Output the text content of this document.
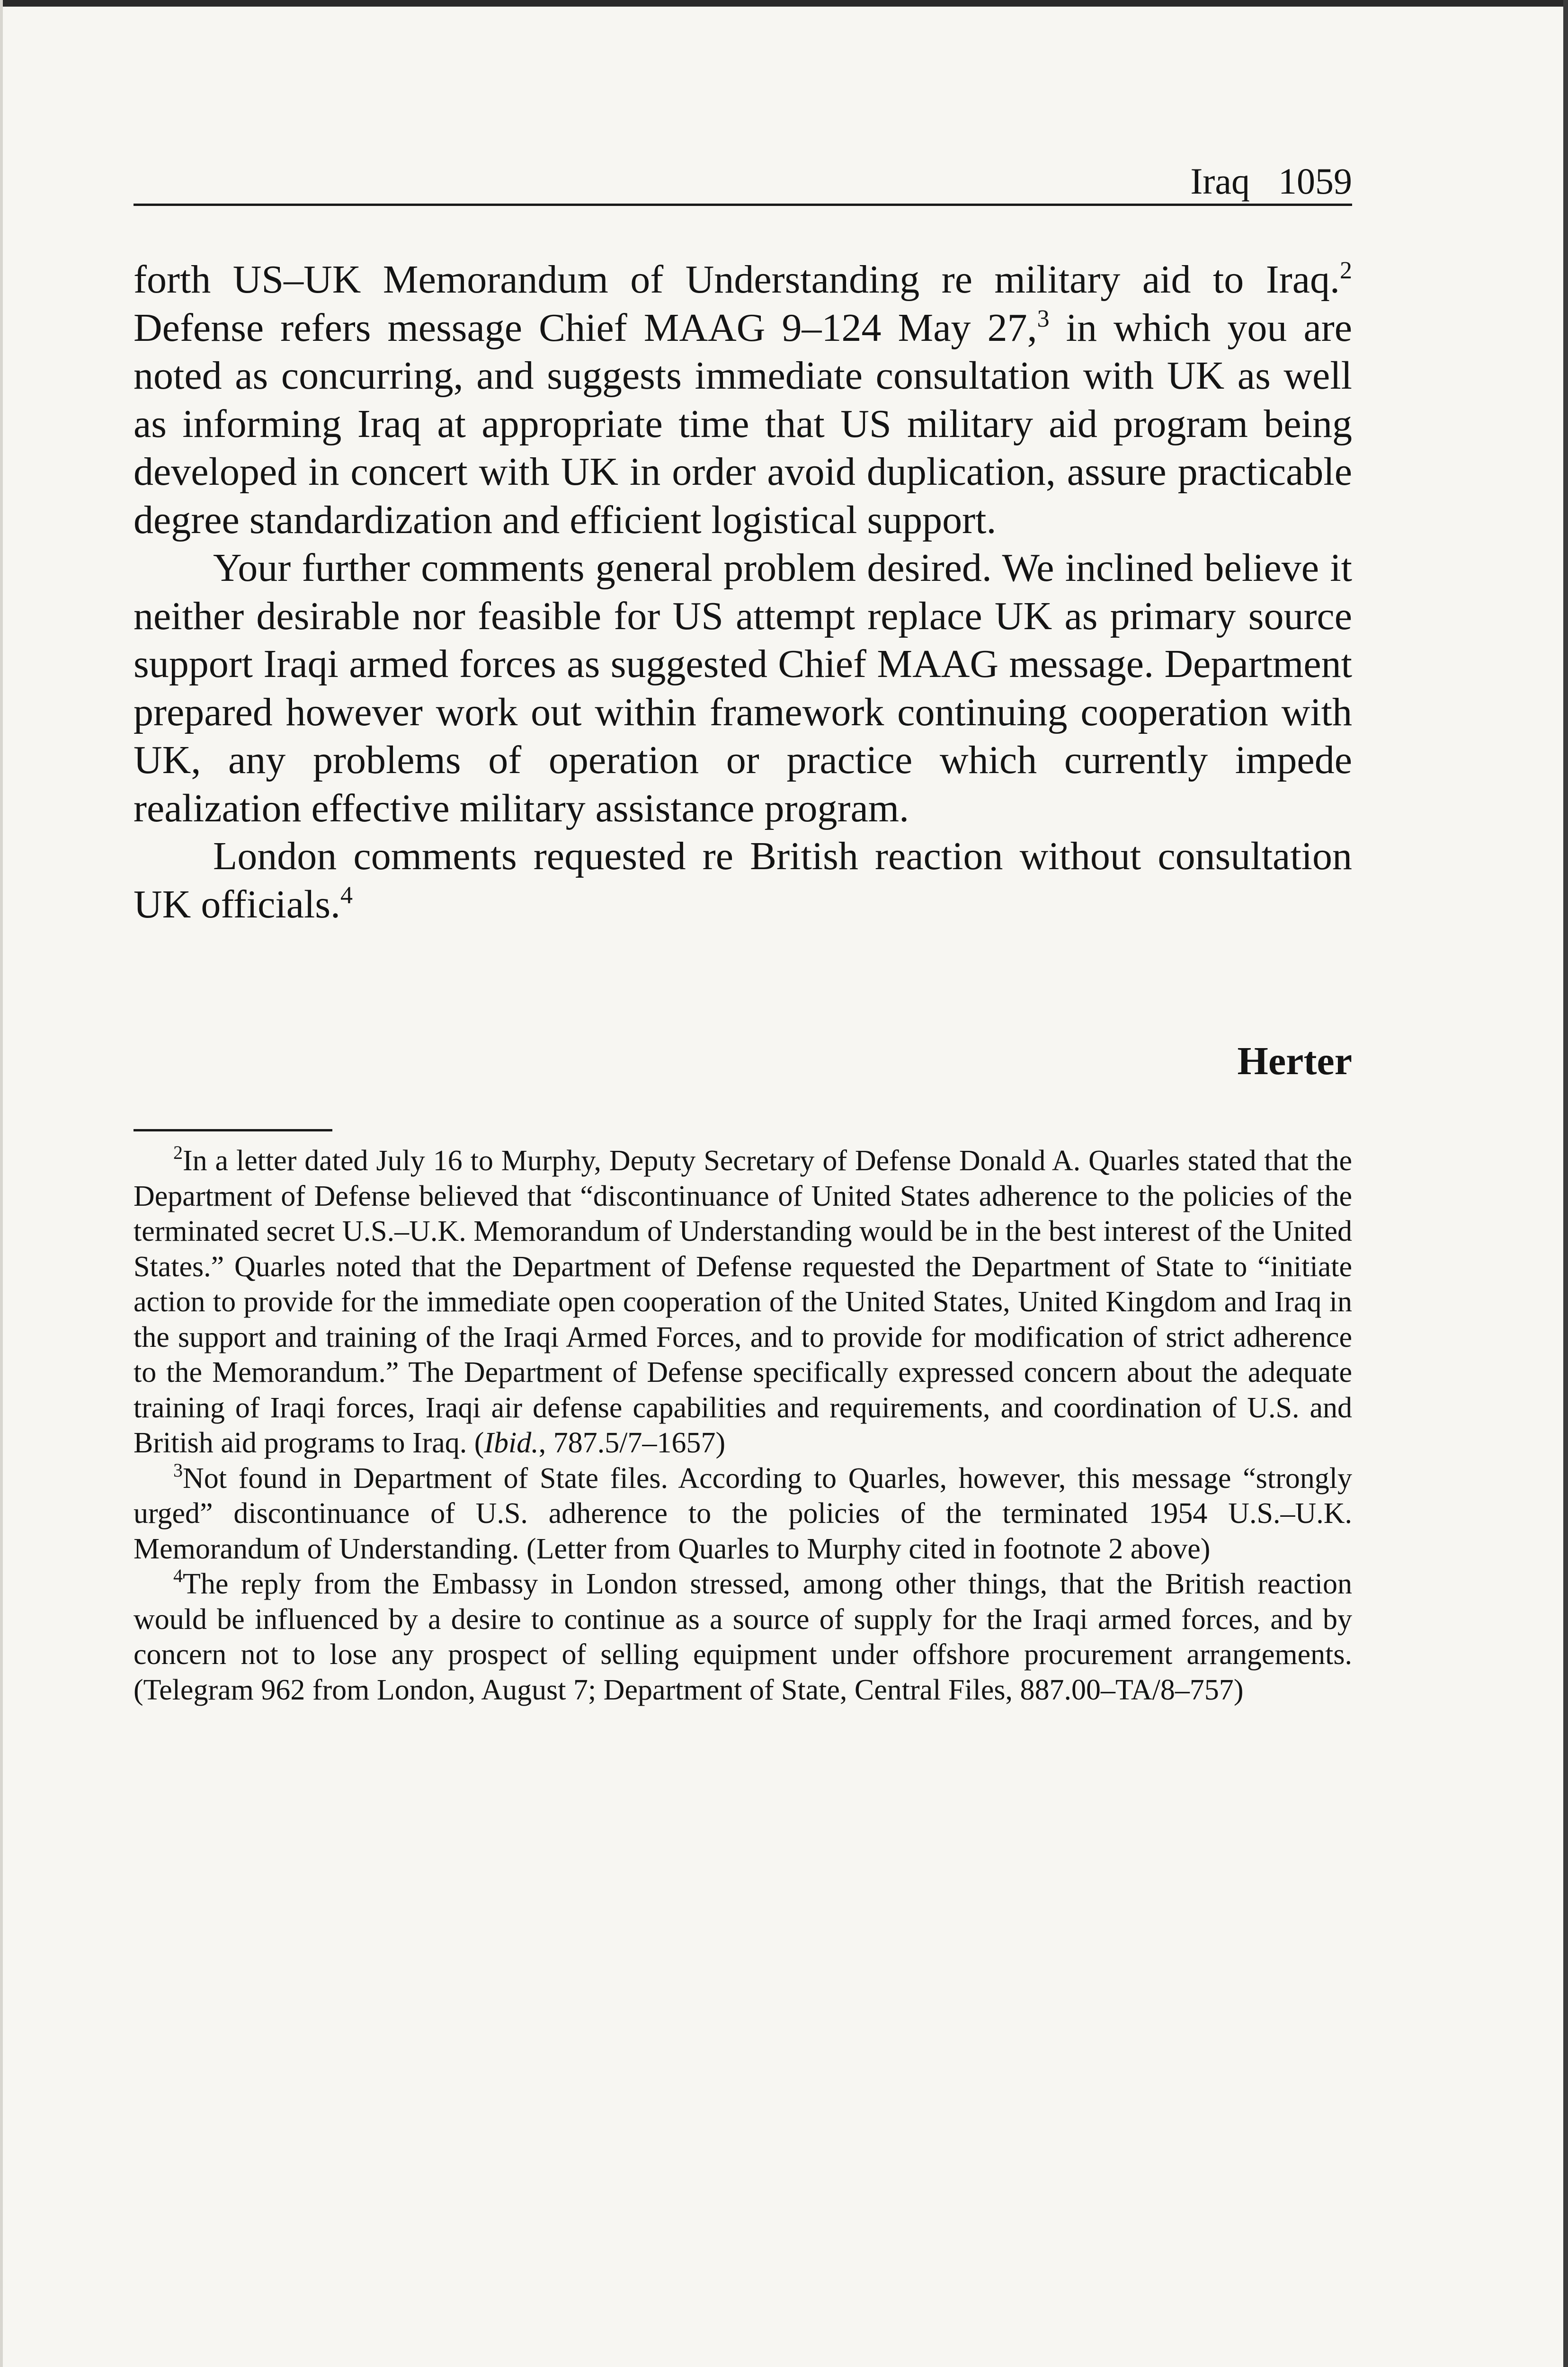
Iraq 1059

forth US–UK Memorandum of Understanding re military aid to Iraq.$^2$ Defense refers message Chief MAAG 9–124 May 27,$^3$ in which you are noted as concurring, and suggests immediate consultation with UK as well as informing Iraq at appropriate time that US military aid program being developed in concert with UK in order avoid duplication, assure practicable degree standardization and efficient logistical support.

Your further comments general problem desired. We inclined believe it neither desirable nor feasible for US attempt replace UK as primary source support Iraqi armed forces as suggested Chief MAAG message. Department prepared however work out within framework continuing cooperation with UK, any problems of operation or practice which currently impede realization effective military assistance program.

London comments requested re British reaction without consultation UK officials.$^4$

Herter

$^2$In a letter dated July 16 to Murphy, Deputy Secretary of Defense Donald A. Quarles stated that the Department of Defense believed that “discontinuance of United States adherence to the policies of the terminated secret U.S.–U.K. Memorandum of Understanding would be in the best interest of the United States.” Quarles noted that the Department of Defense requested the Department of State to “initiate action to provide for the immediate open cooperation of the United States, United Kingdom and Iraq in the support and training of the Iraqi Armed Forces, and to provide for modification of strict adherence to the Memorandum.” The Department of Defense specifically expressed concern about the adequate training of Iraqi forces, Iraqi air defense capabilities and requirements, and coordination of U.S. and British aid programs to Iraq. (Ibid., 787.5/7–1657)

$^3$Not found in Department of State files. According to Quarles, however, this message “strongly urged” discontinuance of U.S. adherence to the policies of the terminated 1954 U.S.–U.K. Memorandum of Understanding. (Letter from Quarles to Murphy cited in footnote 2 above)

$^4$The reply from the Embassy in London stressed, among other things, that the British reaction would be influenced by a desire to continue as a source of supply for the Iraqi armed forces, and by concern not to lose any prospect of selling equipment under offshore procurement arrangements. (Telegram 962 from London, August 7; Department of State, Central Files, 887.00–TA/8–757)
